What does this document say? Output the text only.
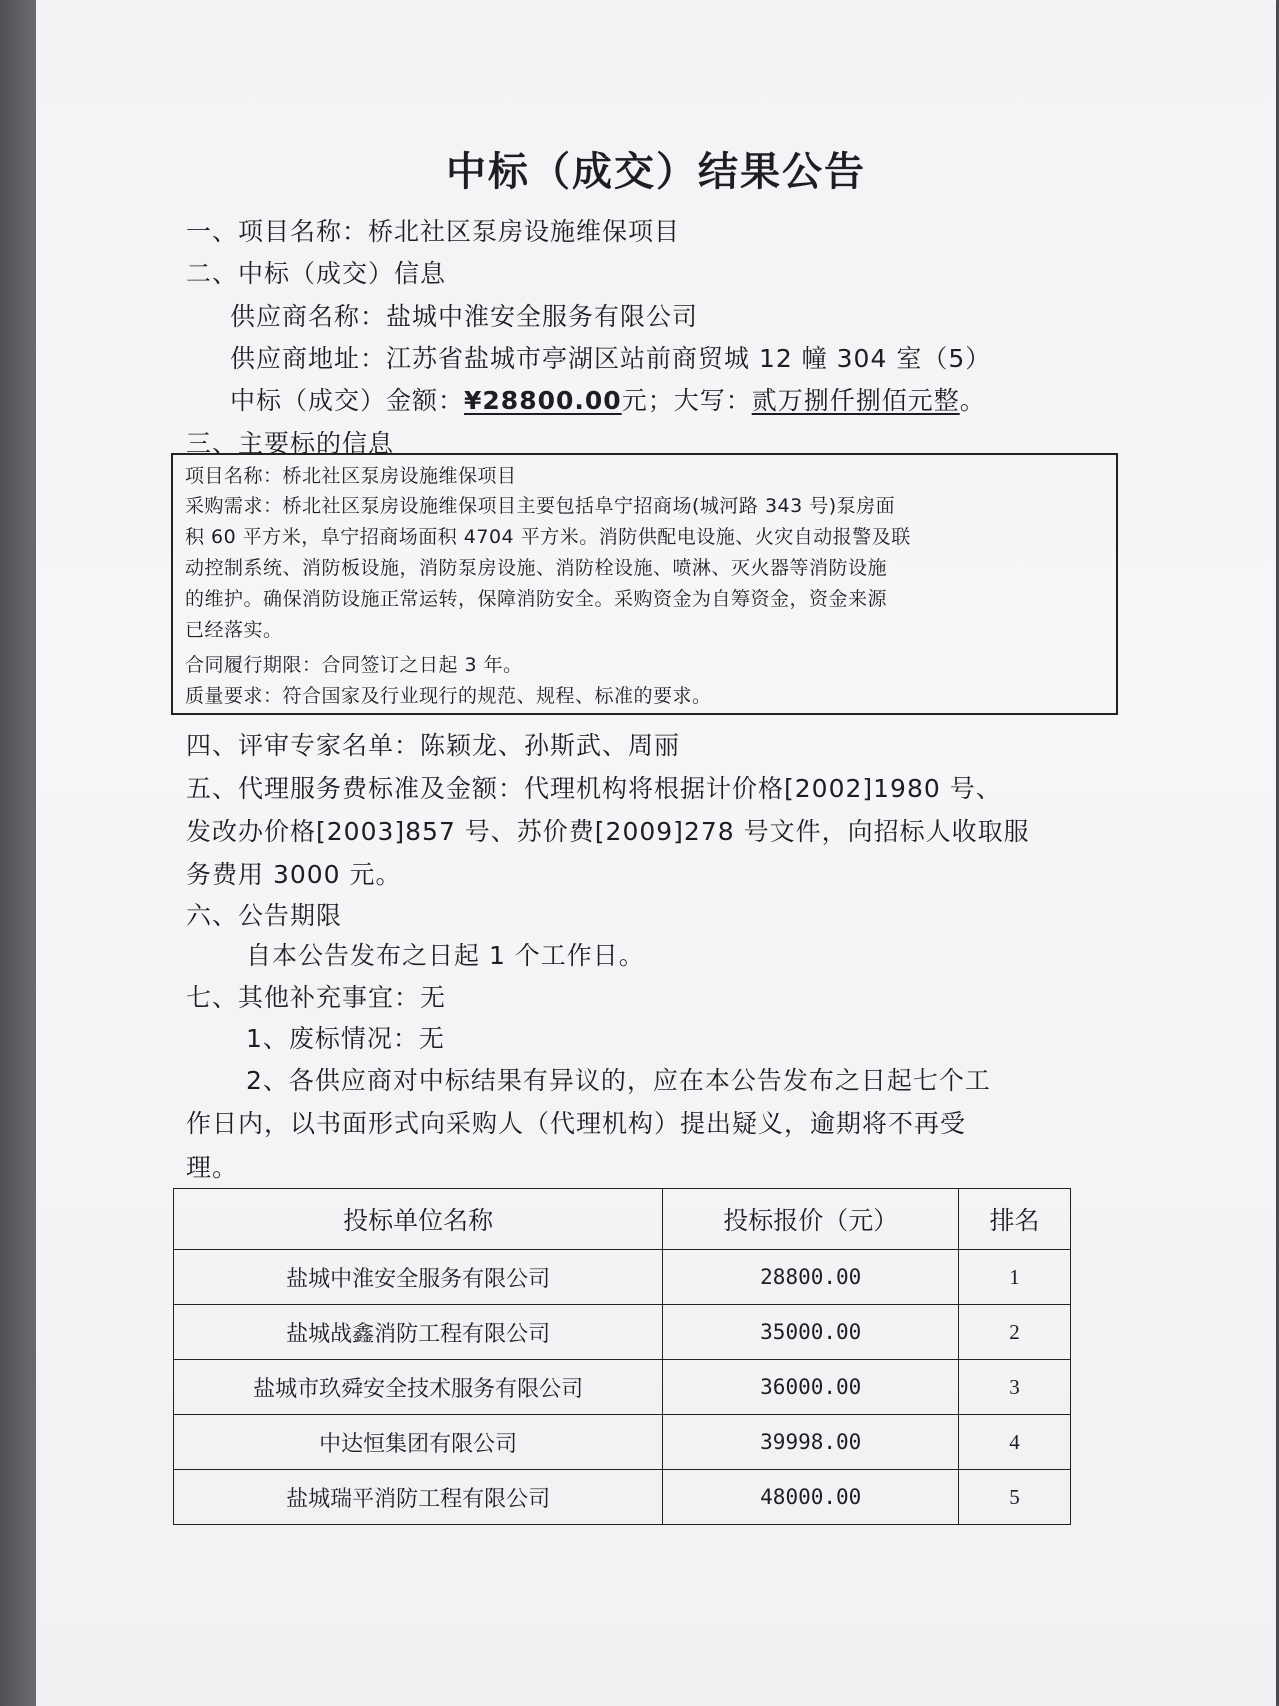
中标（成交）结果公告
一、项目名称：桥北社区泵房设施维保项目
二、中标（成交）信息
供应商名称：盐城中淮安全服务有限公司
供应商地址：江苏省盐城市亭湖区站前商贸城 12 幢 304 室（5）
中标（成交）金额：¥28800.00元；大写：贰万捌仟捌佰元整。
三、主要标的信息
项目名称：桥北社区泵房设施维保项目
采购需求：桥北社区泵房设施维保项目主要包括阜宁招商场(城河路 343 号)泵房面
积 60 平方米，阜宁招商场面积 4704 平方米。消防供配电设施、火灾自动报警及联
动控制系统、消防板设施，消防泵房设施、消防栓设施、喷淋、灭火器等消防设施
的维护。确保消防设施正常运转，保障消防安全。采购资金为自筹资金，资金来源
已经落实。
合同履行期限：合同签订之日起 3 年。
质量要求：符合国家及行业现行的规范、规程、标准的要求。
四、评审专家名单：陈颖龙、孙斯武、周丽
五、代理服务费标准及金额：代理机构将根据计价格[2002]1980 号、
发改办价格[2003]857 号、苏价费[2009]278 号文件，向招标人收取服
务费用 3000 元。
六、公告期限
自本公告发布之日起 1 个工作日。
七、其他补充事宜：无
1、废标情况：无
2、各供应商对中标结果有异议的，应在本公告发布之日起七个工
作日内，以书面形式向采购人（代理机构）提出疑义，逾期将不再受
理。
投标单位名称	投标报价（元）	排名
盐城中淮安全服务有限公司	28800.00	1
盐城战鑫消防工程有限公司	35000.00	2
盐城市玖舜安全技术服务有限公司	36000.00	3
中达恒集团有限公司	39998.00	4
盐城瑞平消防工程有限公司	48000.00	5
